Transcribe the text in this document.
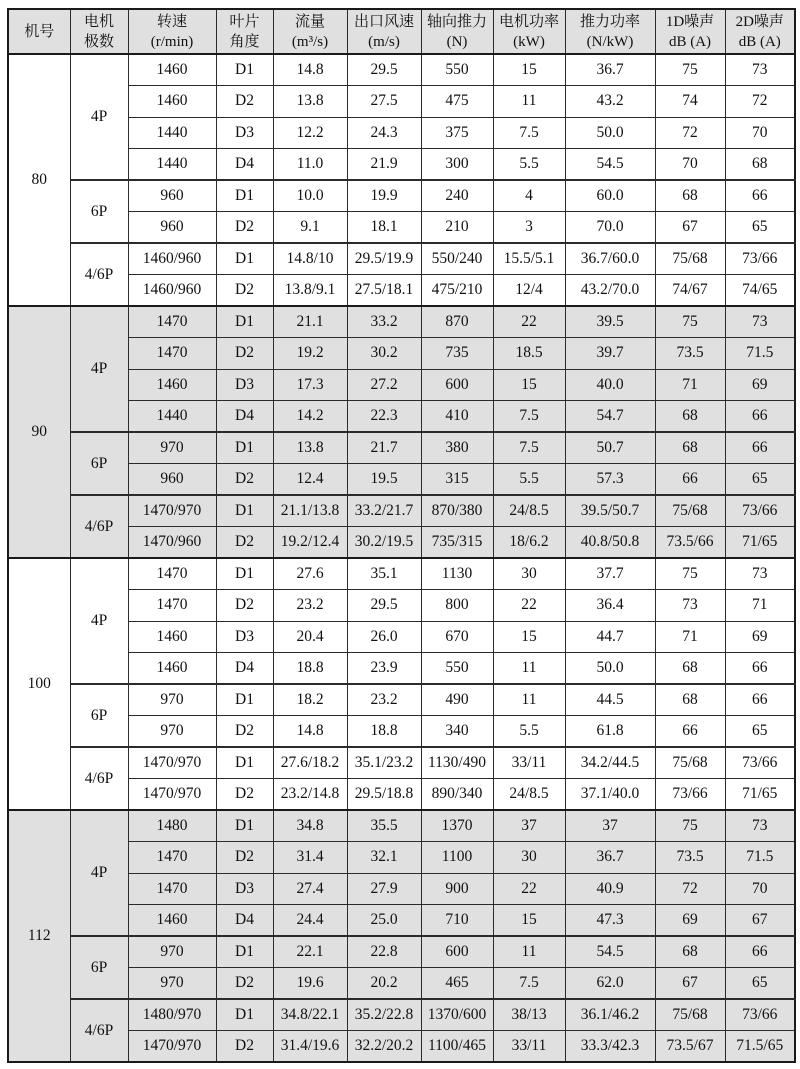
机号

电机
极数

转速
(r/min)

叶片
角度

流量
(m³/s)

出口风速
(m/s)

轴向推力
(N)

电机功率
(kW)

推力功率
(N/kW)

1D噪声
dB (A)

2D噪声
dB (A)

80	4P	1460	D1	14.8	29.5	550	15	36.7	75	73
		1460	D2	13.8	27.5	475	11	43.2	74	72
		1440	D3	12.2	24.3	375	7.5	50.0	72	70
		1440	D4	11.0	21.9	300	5.5	54.5	70	68
	6P	960	D1	10.0	19.9	240	4	60.0	68	66
		960	D2	9.1	18.1	210	3	70.0	67	65
	4/6P	1460/960	D1	14.8/10	29.5/19.9	550/240	15.5/5.1	36.7/60.0	75/68	73/66
		1460/960	D2	13.8/9.1	27.5/18.1	475/210	12/4	43.2/70.0	74/67	74/65
90	4P	1470	D1	21.1	33.2	870	22	39.5	75	73
		1470	D2	19.2	30.2	735	18.5	39.7	73.5	71.5
		1460	D3	17.3	27.2	600	15	40.0	71	69
		1440	D4	14.2	22.3	410	7.5	54.7	68	66
	6P	970	D1	13.8	21.7	380	7.5	50.7	68	66
		960	D2	12.4	19.5	315	5.5	57.3	66	65
	4/6P	1470/970	D1	21.1/13.8	33.2/21.7	870/380	24/8.5	39.5/50.7	75/68	73/66
		1470/960	D2	19.2/12.4	30.2/19.5	735/315	18/6.2	40.8/50.8	73.5/66	71/65
100	4P	1470	D1	27.6	35.1	1130	30	37.7	75	73
		1470	D2	23.2	29.5	800	22	36.4	73	71
		1460	D3	20.4	26.0	670	15	44.7	71	69
		1460	D4	18.8	23.9	550	11	50.0	68	66
	6P	970	D1	18.2	23.2	490	11	44.5	68	66
		970	D2	14.8	18.8	340	5.5	61.8	66	65
	4/6P	1470/970	D1	27.6/18.2	35.1/23.2	1130/490	33/11	34.2/44.5	75/68	73/66
		1470/970	D2	23.2/14.8	29.5/18.8	890/340	24/8.5	37.1/40.0	73/66	71/65
112	4P	1480	D1	34.8	35.5	1370	37	37	75	73
		1470	D2	31.4	32.1	1100	30	36.7	73.5	71.5
		1470	D3	27.4	27.9	900	22	40.9	72	70
		1460	D4	24.4	25.0	710	15	47.3	69	67
	6P	970	D1	22.1	22.8	600	11	54.5	68	66
		970	D2	19.6	20.2	465	7.5	62.0	67	65
	4/6P	1480/970	D1	34.8/22.1	35.2/22.8	1370/600	38/13	36.1/46.2	75/68	73/66
		1470/970	D2	31.4/19.6	32.2/20.2	1100/465	33/11	33.3/42.3	73.5/67	71.5/65
